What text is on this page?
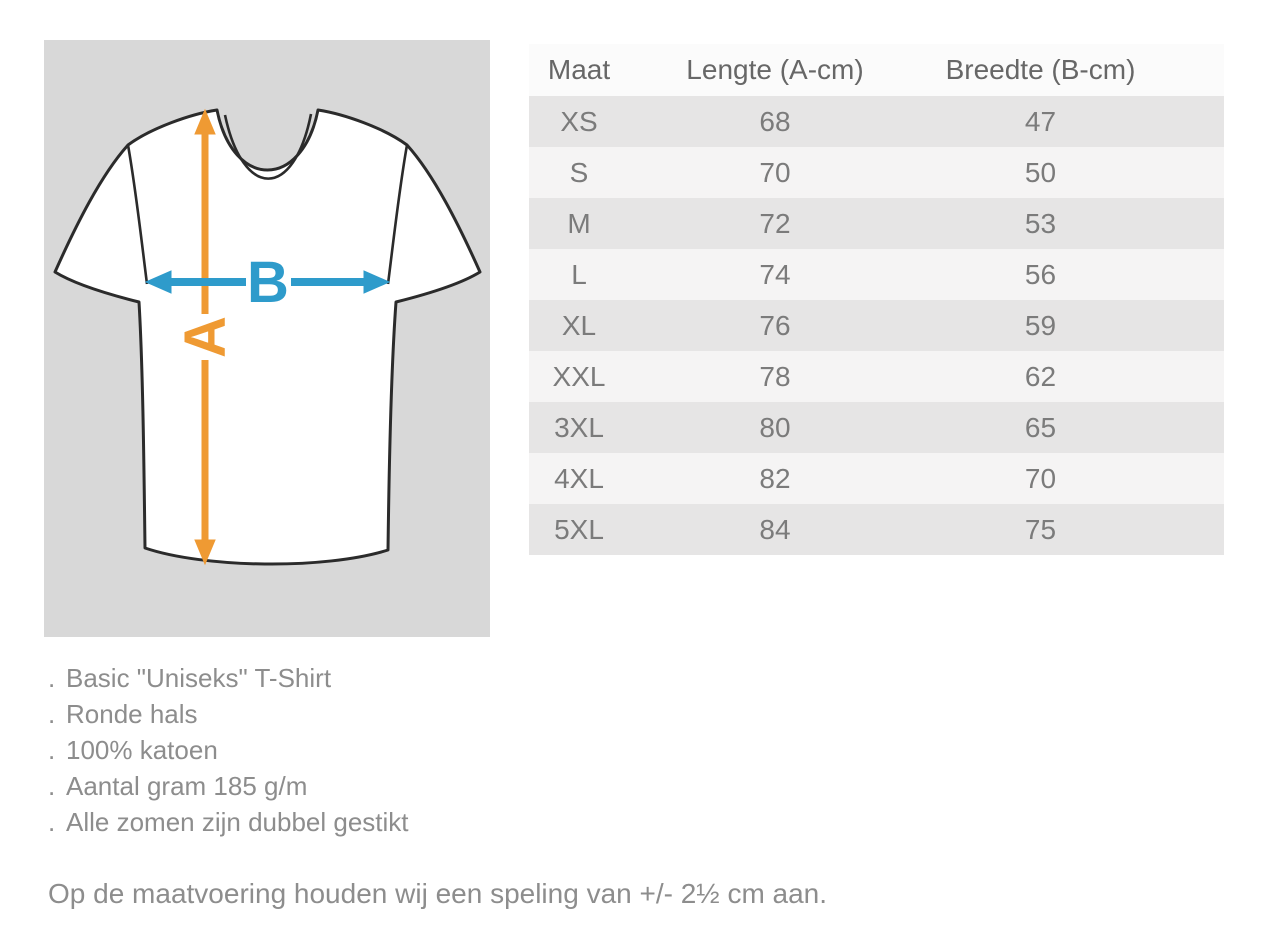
A
B
Maat	Lengte (A-cm)	Breedte (B-cm)
XS	68	47
S	70	50
M	72	53
L	74	56
XL	76	59
XXL	78	62
3XL	80	65
4XL	82	70
5XL	84	75
. Basic "Uniseks" T-Shirt
. Ronde hals
. 100% katoen
. Aantal gram 185 g/m
. Alle zomen zijn dubbel gestikt
Op de maatvoering houden wij een speling van +/- 2½ cm aan.
